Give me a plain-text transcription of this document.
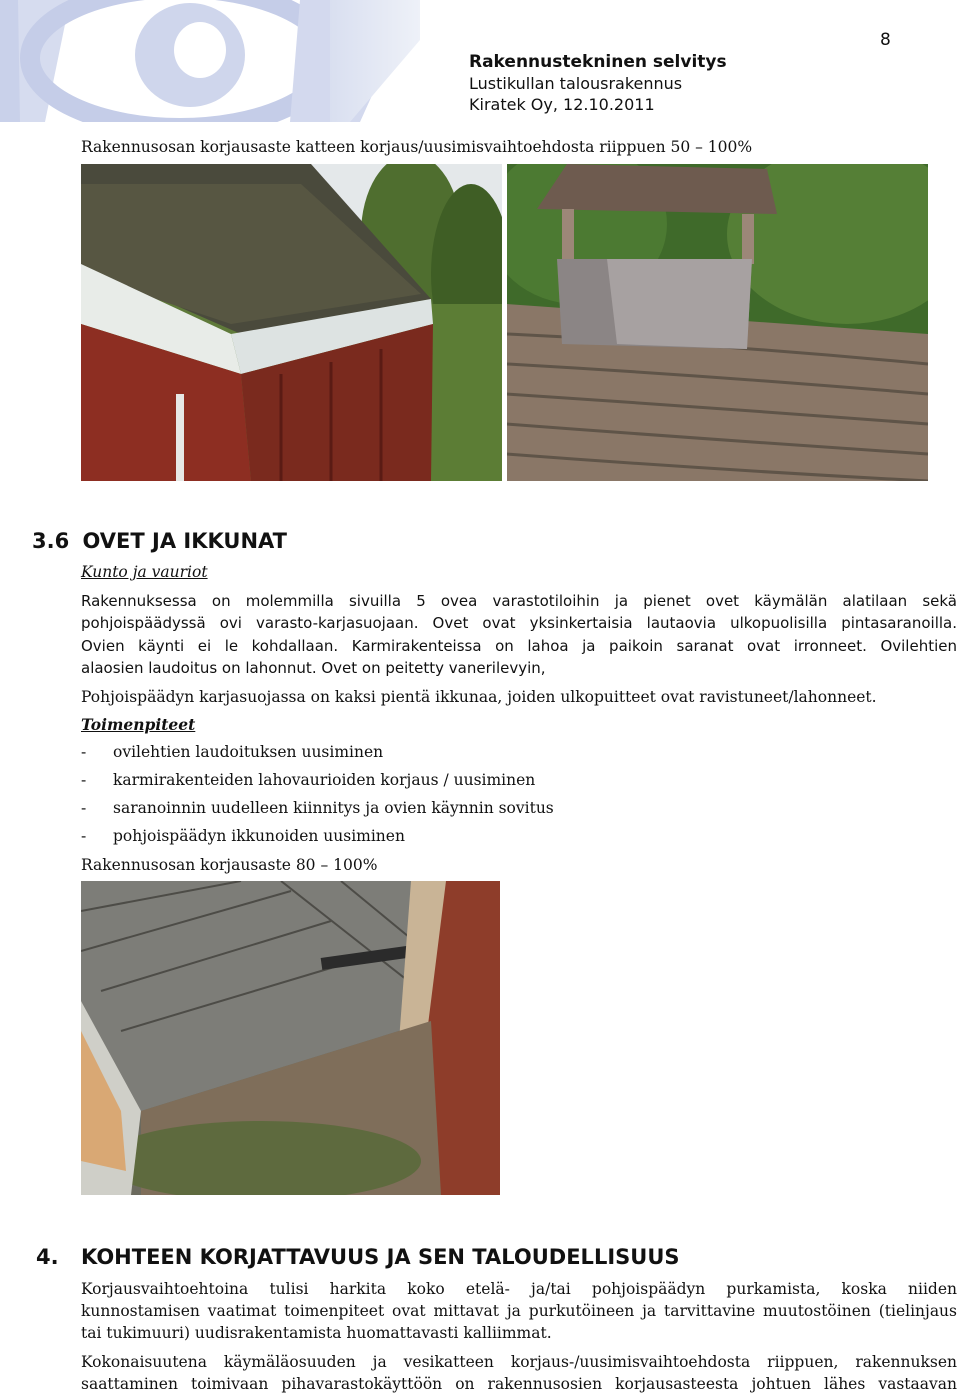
Rakennustekninen selvitys
Lustikullan talousrakennus
Kiratek Oy, 12.10.2011
8
Rakennusosan korjausaste katteen korjaus/uusimisvaihtoehdosta riippuen 50 – 100%
3.6 OVET JA IKKUNAT
Kunto ja vauriot
Rakennuksessa on molemmilla sivuilla 5 ovea varastotiloihin ja pienet ovet käymälän alatilaan sekä
pohjoispäädyssä ovi varasto-karjasuojaan. Ovet ovat yksinkertaisia lautaovia ulkopuolisilla pintasaranoilla.
Ovien käynti ei le kohdallaan. Karmirakenteissa on lahoa ja paikoin saranat ovat irronneet. Ovilehtien
alaosien laudoitus on lahonnut. Ovet on peitetty vanerilevyin,
Pohjoispäädyn karjasuojassa on kaksi pientä ikkunaa, joiden ulkopuitteet ovat ravistuneet/lahonneet.
Toimenpiteet
- ovilehtien laudoituksen uusiminen
- karmirakenteiden lahovaurioiden korjaus / uusiminen
- saranoinnin uudelleen kiinnitys ja ovien käynnin sovitus
- pohjoispäädyn ikkunoiden uusiminen
Rakennusosan korjausaste 80 – 100%
4. KOHTEEN KORJATTAVUUS JA SEN TALOUDELLISUUS
Korjausvaihtoehtoina tulisi harkita koko etelä- ja/tai pohjoispäädyn purkamista, koska niiden
kunnostamisen vaatimat toimenpiteet ovat mittavat ja purkutöineen ja tarvittavine muutostöinen (tielinjaus
tai tukimuuri) uudisrakentamista huomattavasti kalliimmat.
Kokonaisuutena käymäläosuuden ja vesikatteen korjaus-/uusimisvaihtoehdosta riippuen, rakennuksen
saattaminen toimivaan pihavarastokäyttöön on rakennusosien korjausasteesta johtuen lähes vastaavan
